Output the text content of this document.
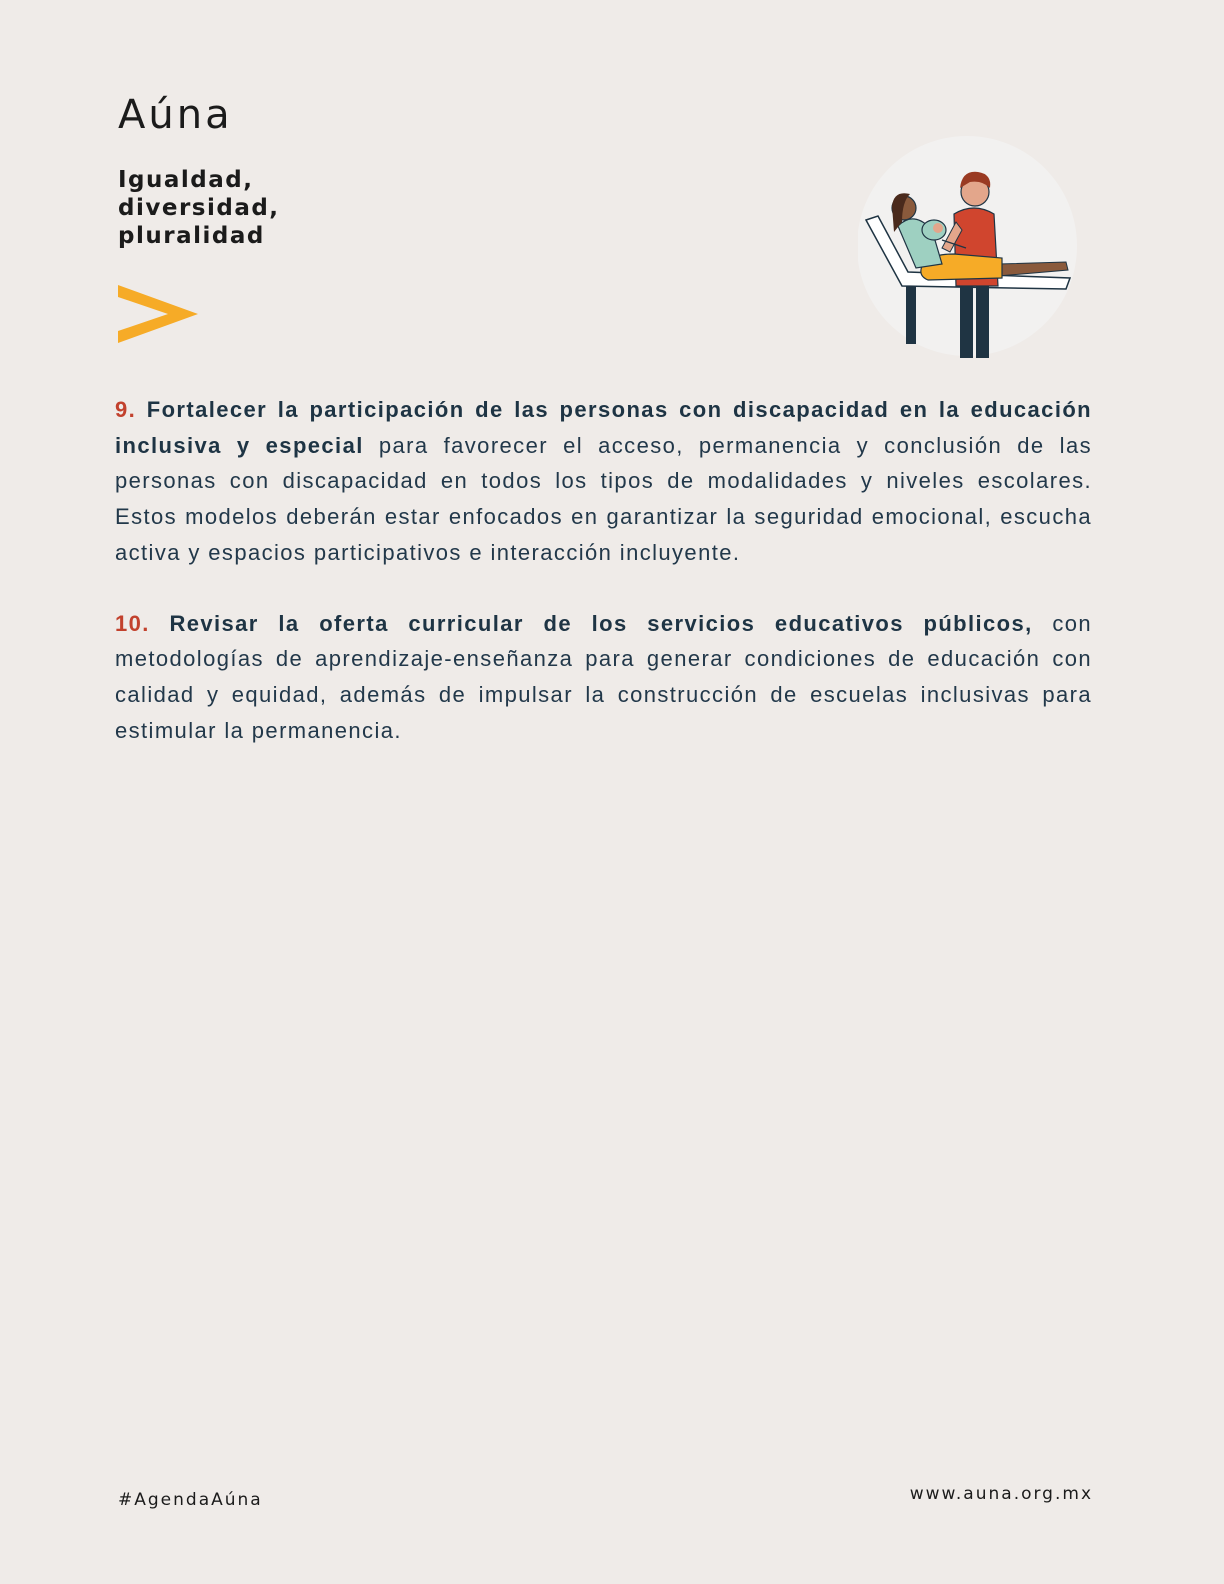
Aúna
Igualdad,
diversidad,
pluralidad

9. Fortalecer la participación de las personas con discapacidad en la educación inclusiva y especial para favorecer el acceso, permanencia y conclusión de las personas con discapacidad en todos los tipos de modalidades y niveles escolares. Estos modelos deberán estar enfocados en garantizar la seguridad emocional, escucha activa y espacios participativos e interacción incluyente.

10. Revisar la oferta curricular de los servicios educativos públicos, con metodologías de aprendizaje-enseñanza para generar condiciones de educación con calidad y equidad, además de impulsar la construcción de escuelas inclusivas para estimular la permanencia.

#AgendaAúna	www.auna.org.mx
